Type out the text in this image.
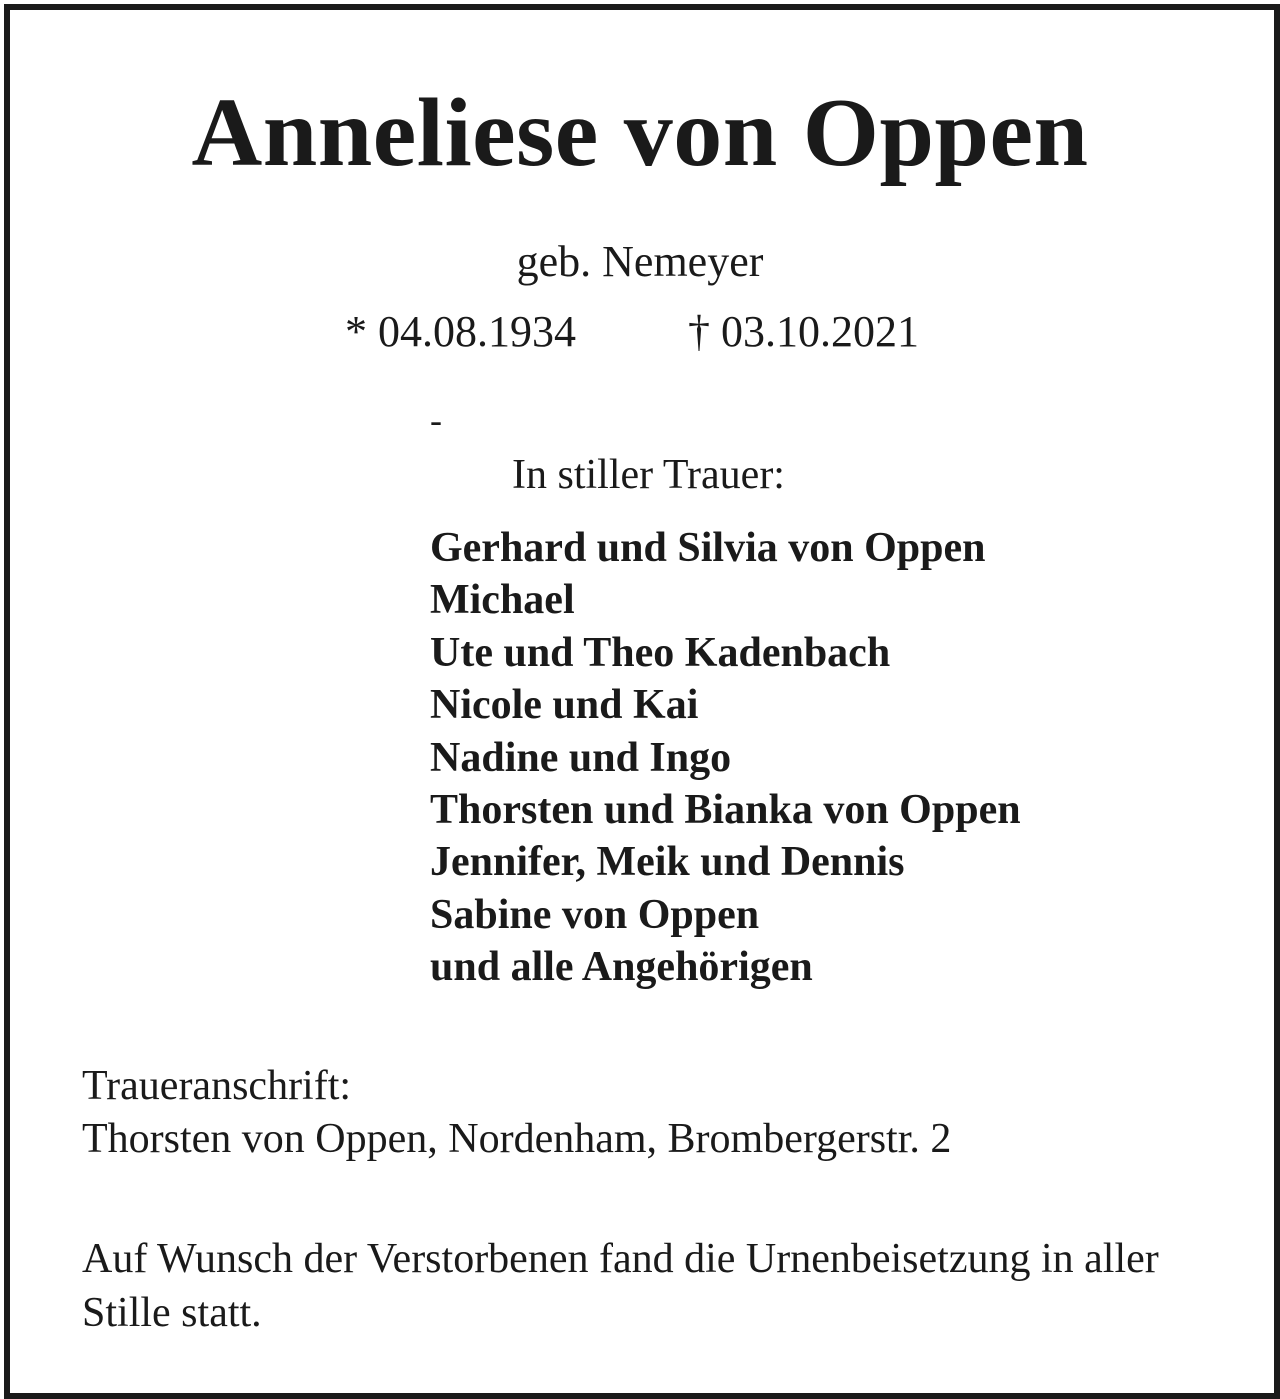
Anneliese von Oppen
geb. Nemeyer
* 04.08.1934	† 03.10.2021
-
In stiller Trauer:
Gerhard und Silvia von Oppen
Michael
Ute und Theo Kadenbach
Nicole und Kai
Nadine und Ingo
Thorsten und Bianka von Oppen
Jennifer, Meik und Dennis
Sabine von Oppen
und alle Angehörigen
Traueranschrift:
Thorsten von Oppen, Nordenham, Brombergerstr. 2
Auf Wunsch der Verstorbenen fand die Urnenbeisetzung in aller Stille statt.
